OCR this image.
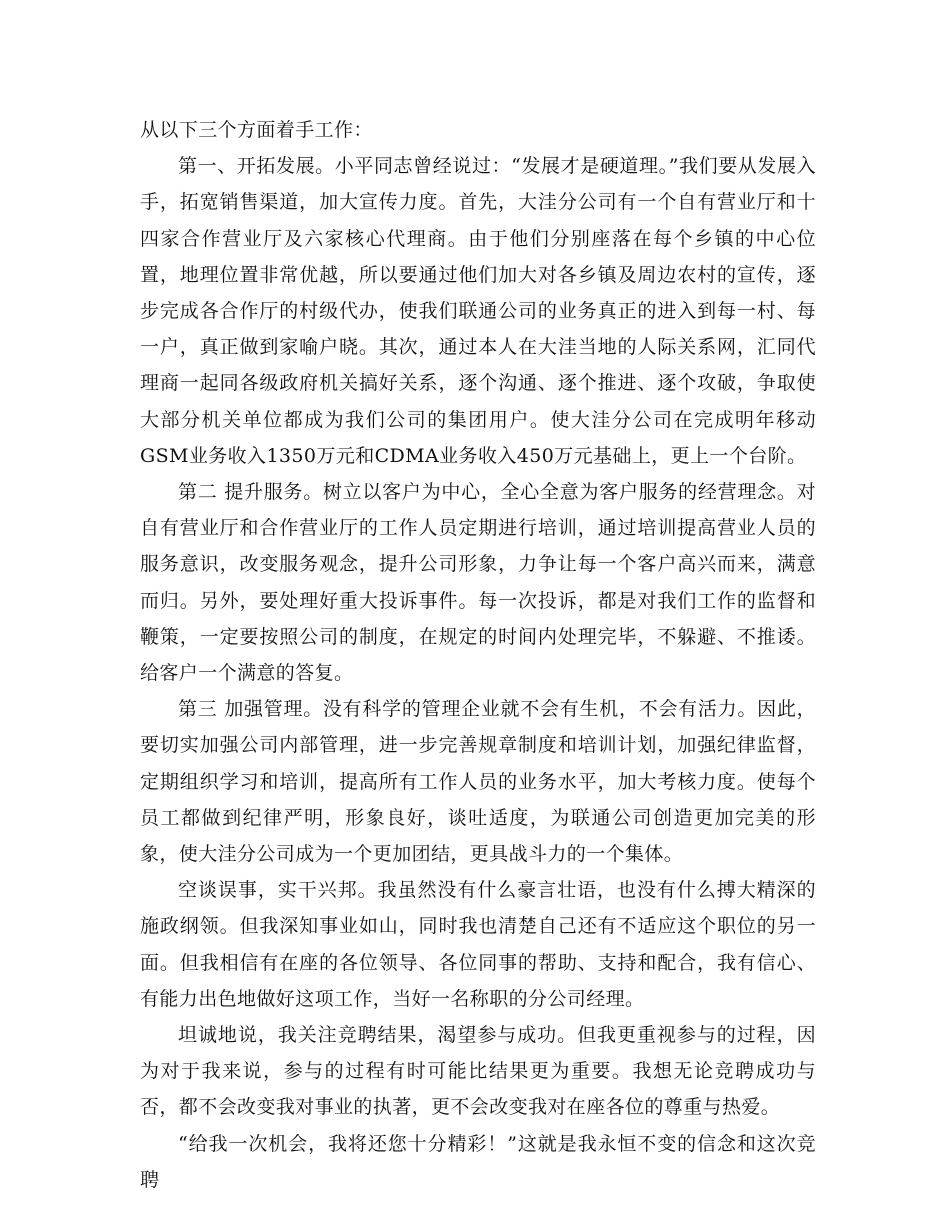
从以下三个方面着手工作：

第一、开拓发展。小平同志曾经说过：“发展才是硬道理。”我们要从发展入手，拓宽销售渠道，加大宣传力度。首先，大洼分公司有一个自有营业厅和十四家合作营业厅及六家核心代理商。由于他们分别座落在每个乡镇的中心位置，地理位置非常优越，所以要通过他们加大对各乡镇及周边农村的宣传，逐步完成各合作厅的村级代办，使我们联通公司的业务真正的进入到每一村、每一户，真正做到家喻户晓。其次，通过本人在大洼当地的人际关系网，汇同代理商一起同各级政府机关搞好关系，逐个沟通、逐个推进、逐个攻破，争取使大部分机关单位都成为我们公司的集团用户。使大洼分公司在完成明年移动GSM业务收入1350万元和CDMA业务收入450万元基础上，更上一个台阶。

第二 提升服务。树立以客户为中心，全心全意为客户服务的经营理念。对自有营业厅和合作营业厅的工作人员定期进行培训，通过培训提高营业人员的服务意识，改变服务观念，提升公司形象，力争让每一个客户高兴而来，满意而归。另外，要处理好重大投诉事件。每一次投诉，都是对我们工作的监督和鞭策，一定要按照公司的制度，在规定的时间内处理完毕，不躲避、不推诿。给客户一个满意的答复。

第三 加强管理。没有科学的管理企业就不会有生机，不会有活力。因此，要切实加强公司内部管理，进一步完善规章制度和培训计划，加强纪律监督，定期组织学习和培训，提高所有工作人员的业务水平，加大考核力度。使每个员工都做到纪律严明，形象良好，谈吐适度，为联通公司创造更加完美的形象，使大洼分公司成为一个更加团结，更具战斗力的一个集体。

空谈误事，实干兴邦。我虽然没有什么豪言壮语，也没有什么搏大精深的施政纲领。但我深知事业如山，同时我也清楚自己还有不适应这个职位的另一面。但我相信有在座的各位领导、各位同事的帮助、支持和配合，我有信心、有能力出色地做好这项工作，当好一名称职的分公司经理。

坦诚地说，我关注竞聘结果，渴望参与成功。但我更重视参与的过程，因为对于我来说，参与的过程有时可能比结果更为重要。我想无论竞聘成功与否，都不会改变我对事业的执著，更不会改变我对在座各位的尊重与热爱。

“给我一次机会，我将还您十分精彩！”这就是我永恒不变的信念和这次竞聘
